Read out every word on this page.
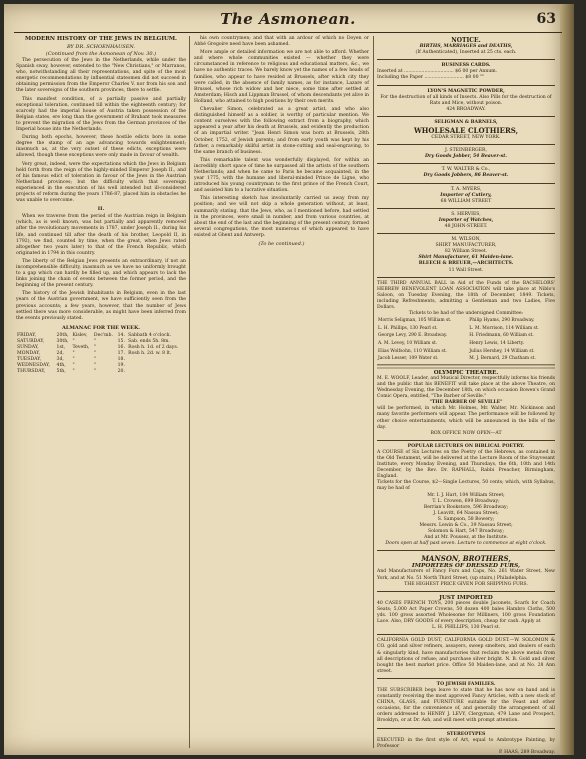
The Asmonean.	63
MODERN HISTORY OF THE JEWS IN BELGIUM.
BY DR. SCHOENHAUSEN.
(Continued from the Asmonean of Nov. 30.)

The persecution of the Jews in the Netherlands, while under the Spanish sway, however, extended to the "New Christians," or Marranos, who, notwithstanding all their representations, and spite of the most energetic recommendations by influential statesmen did not succeed in obtaining permission from the Emperor Charles V. nor from his son and the later sovereigns of the southern provinces, there to settle.

This manifest condition, of a partially passive and partially exceptional toleration, continued till within the eighteenth century; for scarcely had the imperial house of Austria taken possession of the Belgian states, ere long than the government of Brabant took measures to prevent the migration of the Jews from the German provinces of the Imperial house into the Netherlands.

During both epochs, however, these hostile edicts bore in some degree the stamp of an age advancing towards enlightenment; inasmuch as, at the very outset of these edicts, exceptions were allowed, though these exceptions were only made in favour of wealth.

Very great, indeed, were the expectations which the Jews in Belgium held forth from the reign of the highly-minded Emperor Joseph II., and of his famous edict of toleration in favour of the Jews in the Austrian Netherland provinces; but the difficulty which that sovereign experienced in the execution of his well intended but ill-considered projects of reform during the years 1786-87, placed him in obstacles he was unable to overcome.

II.

When we traverse from the period of the Austrian reign in Belgium (which, as is well known, was but partially and apparently removed after the revolutionary movements in 1787, under Joseph II., during his life, and continued till after the death of his brother, Leopold II, in 1792), we find, counted by time, when the great, when Jews rated altogether two years later) to that of the French Republic, which originated in 1794 in this country.

The liberty of the Belgian Jews presents an extraordinary, if not an incomprehensible difficulty, inasmuch as we have no uniformly brought to a gap which can hardly be filled up, and which appears to lack the links joining the chain of events between the former period, and the beginning of the present century.

The history of the Jewish Inhabitants in Belgium, even in the last years of the Austrian government, we have sufficiently seen from the previous accounts; a few years, however, that the number of Jews settled there was more considerable, as might have been inferred from the events previously stated.

ALMANAC FOR THE WEEK.
FRIDAY,	20th,	Kislev,	Dec'mb.	14.	Sabbath 4 o'clock.
SATURDAY,	30th,	"	"	15.	Sab. ends 5h. 8m.
SUNDAY,	1st,	Teveth,	"	16.	Rosh h. 1d. of 2 days.
MONDAY,	2d,	"	"	17.	Rosh h. 2d. w. 8 lt.
TUESDAY,	3d,	"	"	18.	
WEDNESDAY,	4th,	"	"	19.	
THURSDAY,	5th,	"	"	20.	

his own countrymen; and that with an ardour of which no Doyen or Abbé Gregoire need have been ashamed.

More ample or detailed information we are not able to afford. Whether and where whole communities existed — whether they were circumstanced in reference to religious and educational matters, &c., we have no authentic traces. We barely know yet the names of a few heads of families, who appear to have resided at Brussels, after which city they were called, in the absence of family names, as for instance, Lazare of Brussel, whose rich widow and her niece, some time after settled at Amsterdam; Hisch and Lippman Brussel, of whom descendants yet alive in Holland, who attained to high positions by their own merits.

Chevalier Simon, celebrated as a great artist, and who also distinguished himself as a soldier, is worthy of particular mention. We content ourselves with the following extract from a biography, which appeared a year after his death at Brussels, and evidently the production of an impartial writer. "Jean Henri Simon was born at Brussels, 28th October, 1752, of Jewish parents; and from early youth was kept by his father, a remarkably skilful artist in stone-cutting and seal-engraving, to the same branch of business.

This remarkable talent was wonderfully displayed, for within an incredibly short space of time he surpassed all the artists of the southern Netherlands; and when he came to Paris he became acquainted, in the year 1775, with the humane and liberal-minded Prince de Ligne, who introduced his young countryman to the first prince of the French Court, and assisted him to a lucrative situation.

This interesting sketch has involuntarily carried us away from my position; and we will not skip a whole generation without, at least, summarily stating, that the Jews, who, as I mentioned before, had settled in the provinces, were small in number, and from various countries, at about the end of the last and the beginning of the present century, formed several congregations, the most numerous of which appeared to have existed at Ghent and Antwerp.

(To be continued.)
NOTICE.
BIRTHS, MARRIAGES and DEATHS,
(If Authenticated), Inserted at 25 cts. each.
BUSINESS CARDS.
Inserted at .................................. $6 00 per Annum.
Including the Paper ........................... $8 00 ""
LYON'S MAGNETIC POWDER,
For the destruction of all kinds of Insects. Also Pills for the destruction of Rats and Mice, without poison.
424 BROADWAY.
SELIGMAN & BARNELS,
WHOLESALE CLOTHIERS,
CEDAR STREET, NEW YORK.
J. STEINBERGER,
Dry Goods Jobber, 54 Beaver-st.
T. W. WALTER & Co.,
Dry Goods Jobbers, 86 Beaver-st.
T. A. MYERS,
Importer of Cutlery,
68 WILLIAM STREET
S. HERVIES,
Importer of Watches,
48 JOHN-STREET.
M. WILSON,
SHIRT MANUFACTURER,
82 William Street.
Shirt Manufacturer, 61 Maiden-lane.
BLEECH & BREUER,—ARCHITECTS.
11 Wall Street.
THE THIRD ANNUAL BALL in Aid of the Funds of the BACHELORS' HEBREW BENEVOLENT LOAN ASSOCIATION will take place at Niblo's Saloon, on Tuesday Evening, the 18th of December, 1849. Tickets, including Refreshments, admitting a Gentleman and two Ladies, Five Dollars.
Tickets to be had of the undersigned Committee:
Morris Seligman, 105 William st.	Philip Hyams, 290 Broadway.
L. H. Phillips, 130 Pearl st.	L. M. Morrison, 114 William st.
George Levy, 290 E. Broadway.	H. Friedmann, 60 William st.
A. M. Levey, 10 William st.	Henry Lewis, 14 Liberty.
Elias Wolfsohn, 110 William st.	Julius Hershey, 14 William st.
Jacob Lesser, 109 Water st.	M. J. Bernard, 29 Chatham st.
OLYMPIC THEATRE.
M. E. WOOLF, Leader, and Musical Director, respectfully informs his friends and the public that his BENEFIT will take place at the above Theatre, on Wednesday Evening, the December 18th, on which occasion Bowen's Grand Comic Opera, entitled, "The Barber of Seville."
"THE BARBER OF SEVILLE"
will be performed, in which Mr. Holmes, Mr. Walter, Mr. Nickinson and many favorite performers will appear. The performance will be followed by other choice entertainments, which will be announced in the bills of the day.
BOX OFFICE NOW OPEN—AT
POPULAR LECTURES ON BIBLICAL POETRY.
A COURSE of Six Lectures on the Poetry of the Hebrews, as contained in the Old Testament, will be delivered at the Lecture Room of the Stuyvesant Institute, every Monday Evening, and Thursdays, the 6th, 10th and 14th December, by the Rev. Dr. RAPHALL, Rabbi Preacher, Birmingham, England.
Tickets for the Course, $2—Single Lectures, 50 cents; which, with Syllabus, may be had of
Mr. I. J. Hart, 104 William Street;
T. L. Crowen, 699 Broadway;
Berrian's Bookstore, 596 Broadway;
J. Leavitt, 64 Nassau Street;
S. Sampson, 58 Bowery;
Messrs. Lewin & Co., 39 Nassau Street;
Solomon & Hart, 547 Broadway;
And at Mr. Poussez, at the Institute.
Doors open at half past seven. Lecture to commence at eight o'clock.
MANSON, BROTHERS,
IMPORTERS OF DRESSED FURS,
And Manufacturers of Fancy Furs and Caps, No. 261 Water Street, New York, and at No. 51 North Third Street, (up stairs,) Philadelphia.
THE HIGHEST PRICE GIVEN FOR SHIPPING FURS.
JUST IMPORTED
40 CASES FRENCH TOYS, 200 pieces double Jaconets, Scarfs for Coach Seats; 5,000 Act Paper Crowns, 50 dozen 400 bales Hambro Cloths, 500 yds. 100 gross assorted Wholesome for Milliners, 100 gross Foundation Lace. Also, DRY GOODS of every description, cheap for cash. Apply at
L. H. PHILLIPS, 130 Pearl st.
CALIFORNIA GOLD DUST, CALIFORNIA GOLD DUST.—W. SOLOMON & CO. gold and silver refiners, assayers, sweep smelters, and dealers of each & singularly kind, have manufactories that reclaim the above metals from all descriptions of refuse; and purchase silver bright. N. B. Gold and silver bought the best market price. Office 50 Maiden-lane, and at No. 28 Ann street.
TO JEWISH FAMILIES.
THE SUBSCRIBER begs leave to state that he has now on hand and is constantly receiving the most approved Fancy Articles, with a new stock of CHINA, GLASS, and FURNITURE suitable for the Feast and other occasions, for the convenience of, and generally the arrangement of all orders addressed to HENRY J. LEVY, Clergyman, 479 Lane and Prospect, Brooklyn, or at Dr. Ash, and will meet with prompt attention.
STEREOTYPES
EXECUTED in the first style of Art, equal to Ambrotype Painting, by Professor
P. HAAS, 289 Broadway.
